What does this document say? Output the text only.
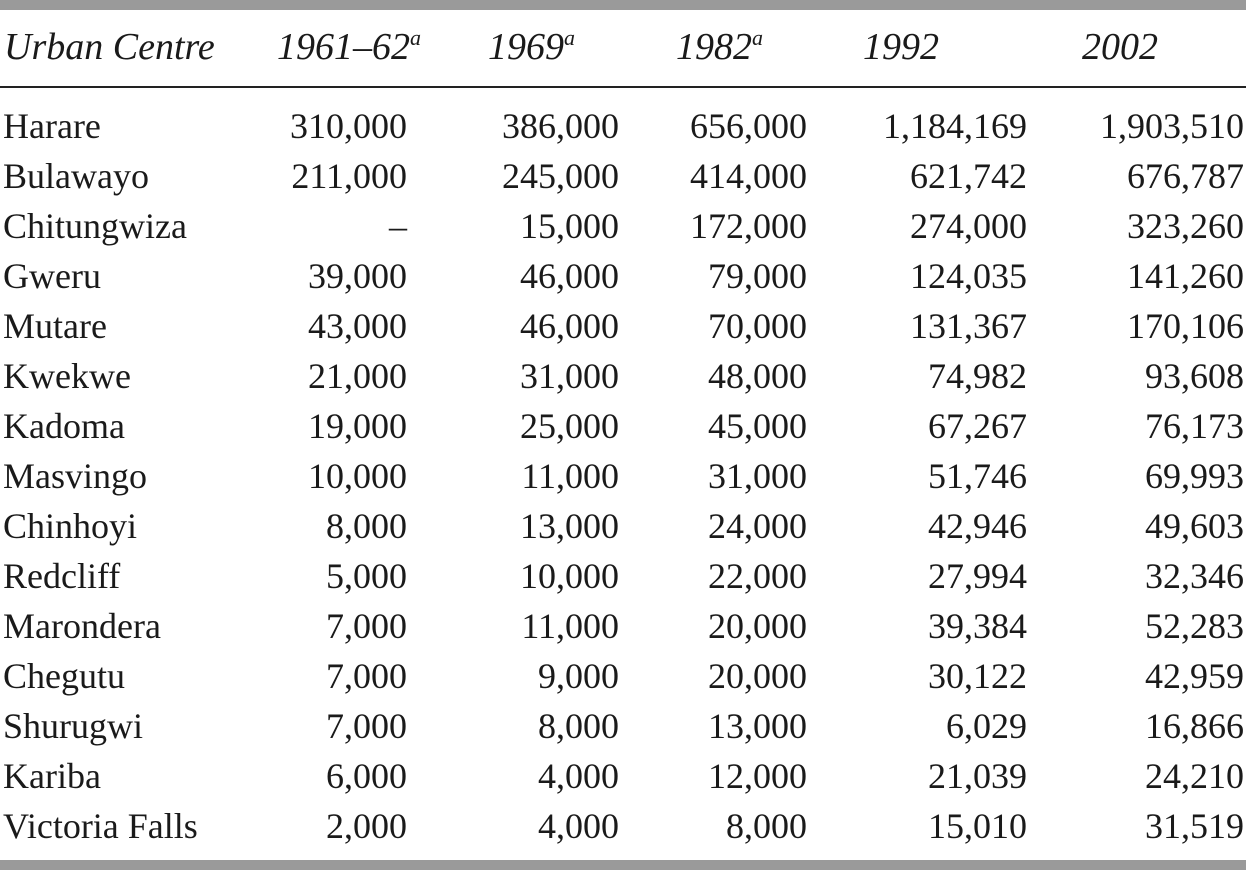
Urban Centre	1961–62$^a$	1969$^a$	1982$^a$	1992	2002

Harare	310,000	386,000	656,000	1,184,169	1,903,510
Bulawayo	211,000	245,000	414,000	621,742	676,787
Chitungwiza	–	15,000	172,000	274,000	323,260
Gweru	39,000	46,000	79,000	124,035	141,260
Mutare	43,000	46,000	70,000	131,367	170,106
Kwekwe	21,000	31,000	48,000	74,982	93,608
Kadoma	19,000	25,000	45,000	67,267	76,173
Masvingo	10,000	11,000	31,000	51,746	69,993
Chinhoyi	8,000	13,000	24,000	42,946	49,603
Redcliff	5,000	10,000	22,000	27,994	32,346
Marondera	7,000	11,000	20,000	39,384	52,283
Chegutu	7,000	9,000	20,000	30,122	42,959
Shurugwi	7,000	8,000	13,000	6,029	16,866
Kariba	6,000	4,000	12,000	21,039	24,210
Victoria Falls	2,000	4,000	8,000	15,010	31,519
